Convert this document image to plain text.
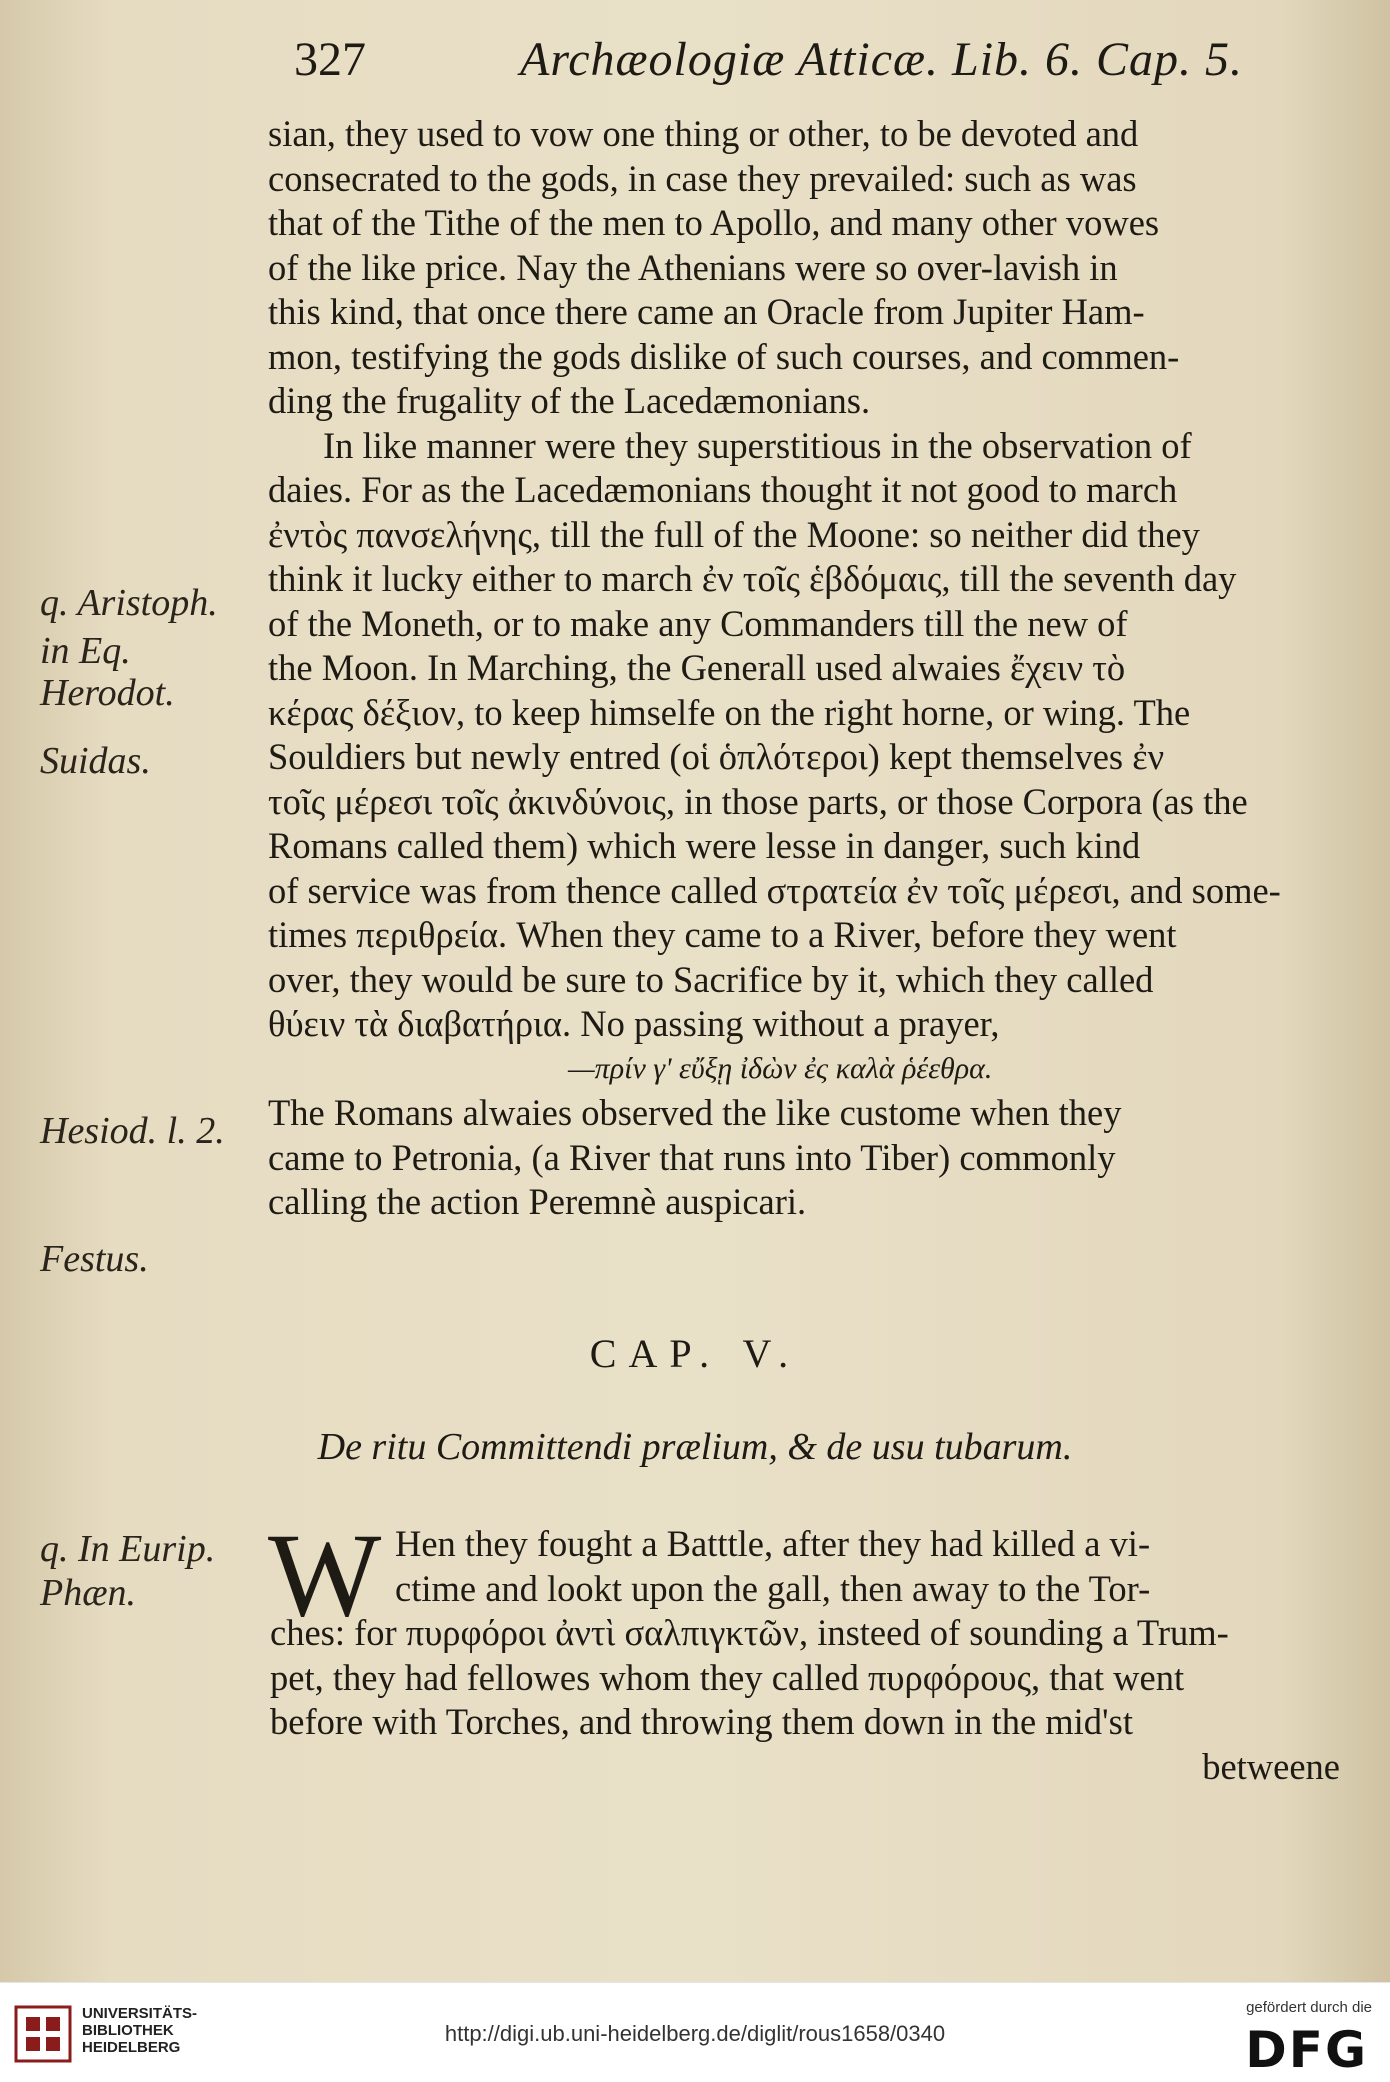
327	Archæologiæ Atticæ. Lib. 6. Cap. 5.
sian, they used to vow one thing or other, to be devoted and
consecrated to the gods, in case they prevailed: such as was
that of the Tithe of the men to Apollo, and many other vowes
of the like price. Nay the Athenians were so over-lavish in
this kind, that once there came an Oracle from Jupiter Ham-
mon, testifying the gods dislike of such courses, and commen-
ding the frugality of the Lacedæmonians.
In like manner were they superstitious in the observation of
daies. For as the Lacedæmonians thought it not good to march
ἐντὸς πανσελήνης, till the full of the Moone: so neither did they
think it lucky either to march ἐν τοῖς ἑβδόμαις, till the seventh day
of the Moneth, or to make any Commanders till the new of
the Moon. In Marching, the Generall used alwaies ἔχειν τὸ
κέρας δέξιον, to keep himselfe on the right horne, or wing. The
Souldiers but newly entred (οἱ ὁπλότεροι) kept themselves ἐν
τοῖς μέρεσι τοῖς ἀκινδύνοις, in those parts, or those Corpora (as the
Romans called them) which were lesse in danger, such kind
of service was from thence called στρατεία ἐν τοῖς μέρεσι, and some-
times περιθρεία. When they came to a River, before they went
over, they would be sure to Sacrifice by it, which they called
θύειν τὰ διαβατήρια. No passing without a prayer,
—πρίν γ' εὔξῃ ἰδὼν ἐς καλὰ ῥέεθρα.
The Romans alwaies observed the like custome when they
came to Petronia, (a River that runs into Tiber) commonly
calling the action Peremnè auspicari.
q. Aristoph.
in Eq.
Herodot.
Suidas.
Hesiod. l. 2.
Festus.
CAP. V.
De ritu Committendi prælium, & de usu tubarum.
q. In Eurip.
Phæn.	W Hen they fought a Batttle, after they had killed a vi-
ctime and lookt upon the gall, then away to the Tor-
ches: for πυρφόροι ἀντὶ σαλπιγκτῶν, insteed of sounding a Trum-
pet, they had fellowes whom they called πυρφόρους, that went
before with Torches, and throwing them down in the mid'st
betweene
UNIVERSITÄTS-
BIBLIOTHEK
HEIDELBERG
http://digi.ub.uni-heidelberg.de/diglit/rous1658/0340
gefördert durch die
DFG
